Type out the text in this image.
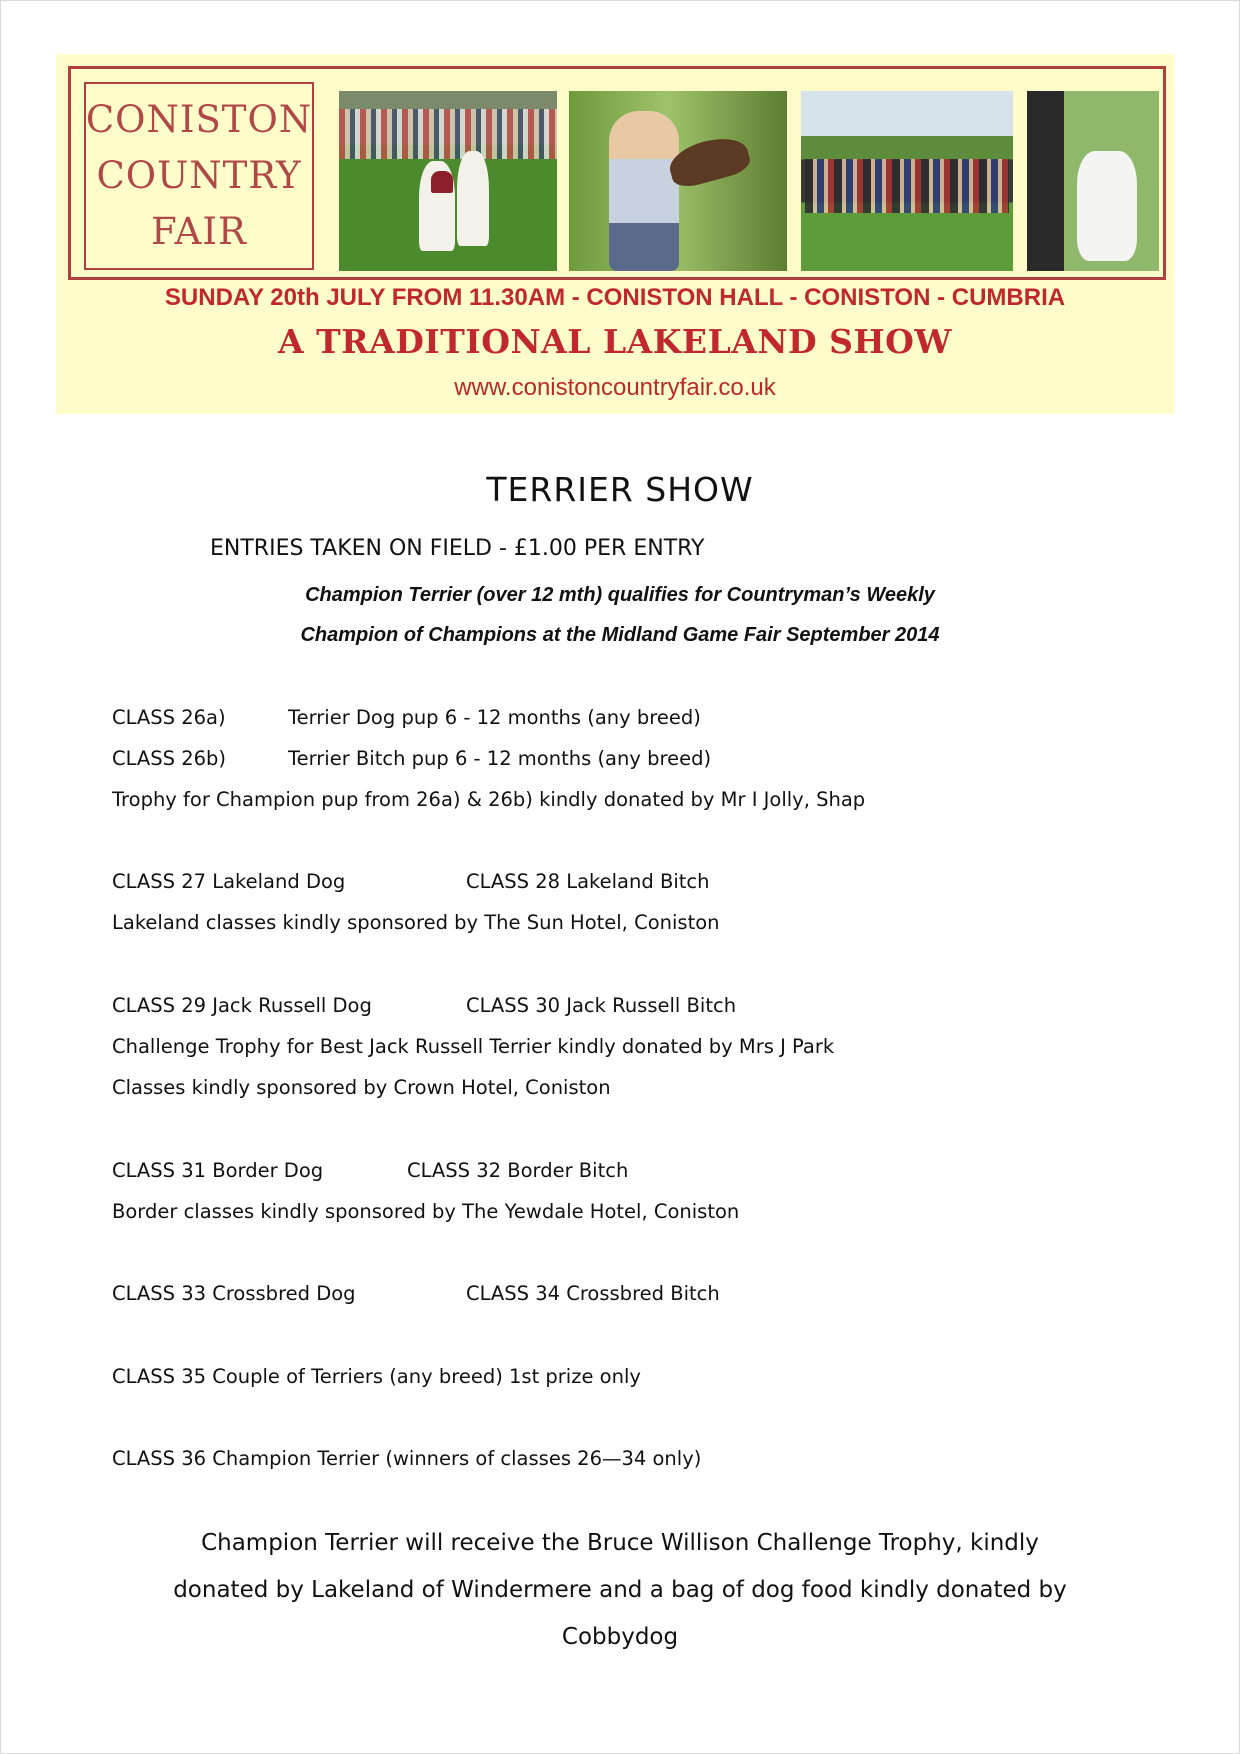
CONISTON
COUNTRY
FAIR
SUNDAY 20th JULY FROM 11.30AM - CONISTON HALL - CONISTON - CUMBRIA
A TRADITIONAL LAKELAND SHOW
www.conistoncountryfair.co.uk
TERRIER SHOW
ENTRIES TAKEN ON FIELD - £1.00 PER ENTRY
Champion Terrier (over 12 mth) qualifies for Countryman’s Weekly
Champion of Champions at the Midland Game Fair September 2014
CLASS 26a)	Terrier Dog pup 6 - 12 months (any breed)
CLASS 26b)	Terrier Bitch pup 6 - 12 months (any breed)
Trophy for Champion pup from 26a) & 26b) kindly donated by Mr I Jolly, Shap
CLASS 27 Lakeland Dog	CLASS 28 Lakeland Bitch
Lakeland classes kindly sponsored by The Sun Hotel, Coniston
CLASS 29 Jack Russell Dog	CLASS 30 Jack Russell Bitch
Challenge Trophy for Best Jack Russell Terrier kindly donated by Mrs J Park
Classes kindly sponsored by Crown Hotel, Coniston
CLASS 31 Border Dog	CLASS 32 Border Bitch
Border classes kindly sponsored by The Yewdale Hotel, Coniston
CLASS 33 Crossbred Dog	CLASS 34 Crossbred Bitch
CLASS 35 Couple of Terriers (any breed) 1st prize only
CLASS 36 Champion Terrier (winners of classes 26—34 only)
Champion Terrier will receive the Bruce Willison Challenge Trophy, kindly
donated by Lakeland of Windermere and a bag of dog food kindly donated by
Cobbydog
